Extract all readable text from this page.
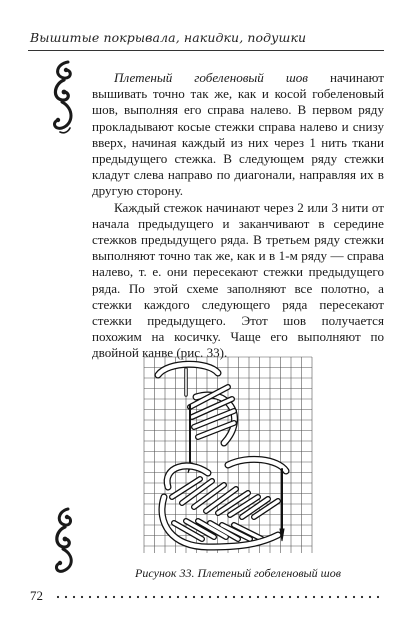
Вышитые покрывала, накидки, подушки

Плетеный гобеленовый шов начинают вышивать точно так же, как и косой гобеленовый шов, выполняя его справа налево. В первом ряду прокладывают косые стежки справа налево и снизу вверх, начиная каждый из них через 1 нить ткани предыдущего стежка. В следующем ряду стежки кладут слева направо по диагонали, направляя их в другую сторону.

Каждый стежок начинают через 2 или 3 нити от начала предыдущего и заканчивают в середине стежков предыдущего ряда. В третьем ряду стежки выполняют точно так же, как и в 1-м ряду — справа налево, т. е. они пересекают стежки предыдущего ряда. По этой схеме заполняют все полотно, а стежки каждого следующего ряда пересекают стежки предыдущего. Этот шов получается похожим на косичку. Чаще его выполняют по двойной канве (рис. 33).

Рисунок 33. Плетеный гобеленовый шов
72
